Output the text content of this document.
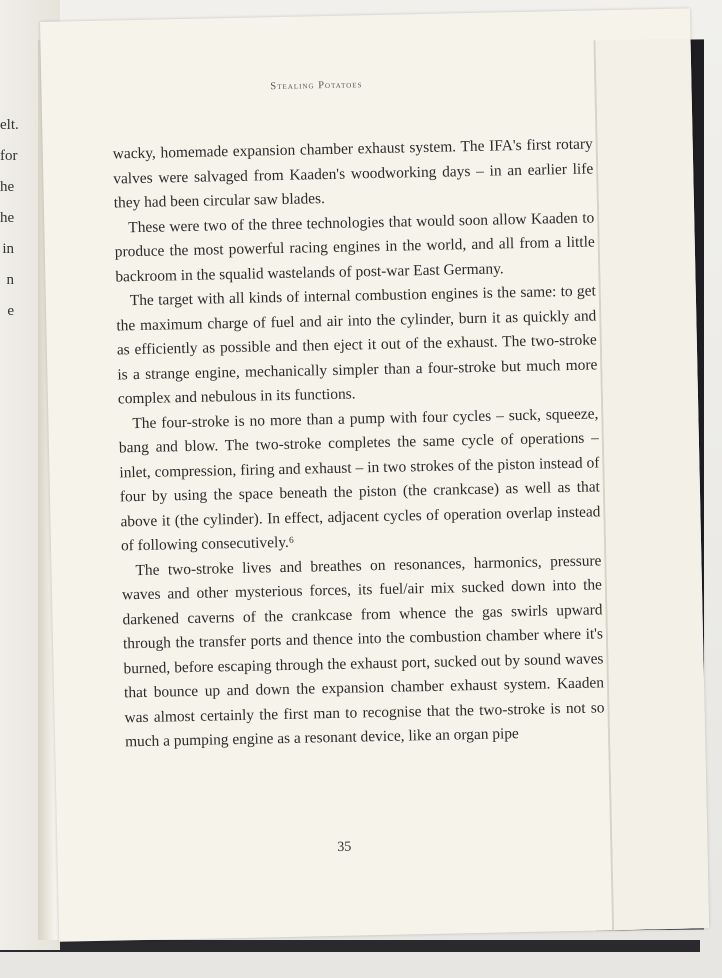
elt.
for
he
he
in
n
e
Stealing Potatoes

wacky, homemade expansion chamber exhaust system. The IFA's first rotary valves were salvaged from Kaaden's woodworking days – in an earlier life they had been circular saw blades.

These were two of the three technologies that would soon allow Kaaden to produce the most powerful racing engines in the world, and all from a little backroom in the squalid wastelands of post-war East Germany.

The target with all kinds of internal combustion engines is the same: to get the maximum charge of fuel and air into the cylinder, burn it as quickly and as efficiently as possible and then eject it out of the exhaust. The two-stroke is a strange engine, mechanically simpler than a four-stroke but much more complex and nebulous in its functions.

The four-stroke is no more than a pump with four cycles – suck, squeeze, bang and blow. The two-stroke completes the same cycle of operations – inlet, compression, firing and exhaust – in two strokes of the piston instead of four by using the space beneath the piston (the crankcase) as well as that above it (the cylinder). In effect, adjacent cycles of operation overlap instead of following consecutively.⁶

The two-stroke lives and breathes on resonances, harmonics, pressure waves and other mysterious forces, its fuel/air mix sucked down into the darkened caverns of the crankcase from whence the gas swirls upward through the transfer ports and thence into the combustion chamber where it's burned, before escaping through the exhaust port, sucked out by sound waves that bounce up and down the expansion chamber exhaust system. Kaaden was almost certainly the first man to recognise that the two-stroke is not so much a pumping engine as a resonant device, like an organ pipe

35
